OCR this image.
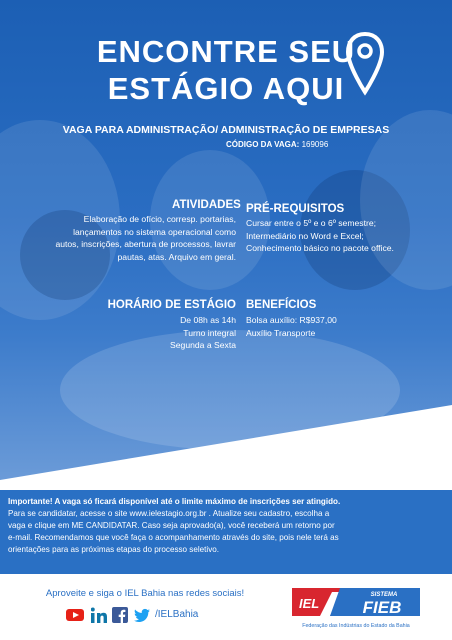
ENCONTRE SEU
ESTÁGIO AQUI
VAGA PARA ADMINISTRAÇÃO/ ADMINISTRAÇÃO DE EMPRESAS
CÓDIGO DA VAGA: 169096
ATIVIDADES
Elaboração de ofício, corresp. portarias,
lançamentos no sistema operacional como
autos, inscrições, abertura de processos, lavrar
pautas, atas. Arquivo em geral.
PRÉ-REQUISITOS
Cursar entre o 5º e o 6º semestre;
Intermediário no Word e Excel;
Conhecimento básico no pacote office.
HORÁRIO DE ESTÁGIO
De 08h as 14h
Turno integral
Segunda a Sexta
BENEFÍCIOS
Bolsa auxílio: R$937,00
Auxílio Transporte

Importante! A vaga só ficará disponível até o limite máximo de inscrições ser atingido.

Para se candidatar, acesse o site www.ielestagio.org.br . Atualize seu cadastro, escolha a

vaga e clique em ME CANDIDATAR. Caso seja aprovado(a), você receberá um retorno por

e-mail. Recomendamos que você faça o acompanhamento através do site, pois nele terá as

orientações para as próximas etapas do processo seletivo.

Aproveite e siga o IEL Bahia nas redes sociais!
/IELBahia
IEL
SISTEMA
FIEB
Federação das Indústrias do Estado da Bahia
